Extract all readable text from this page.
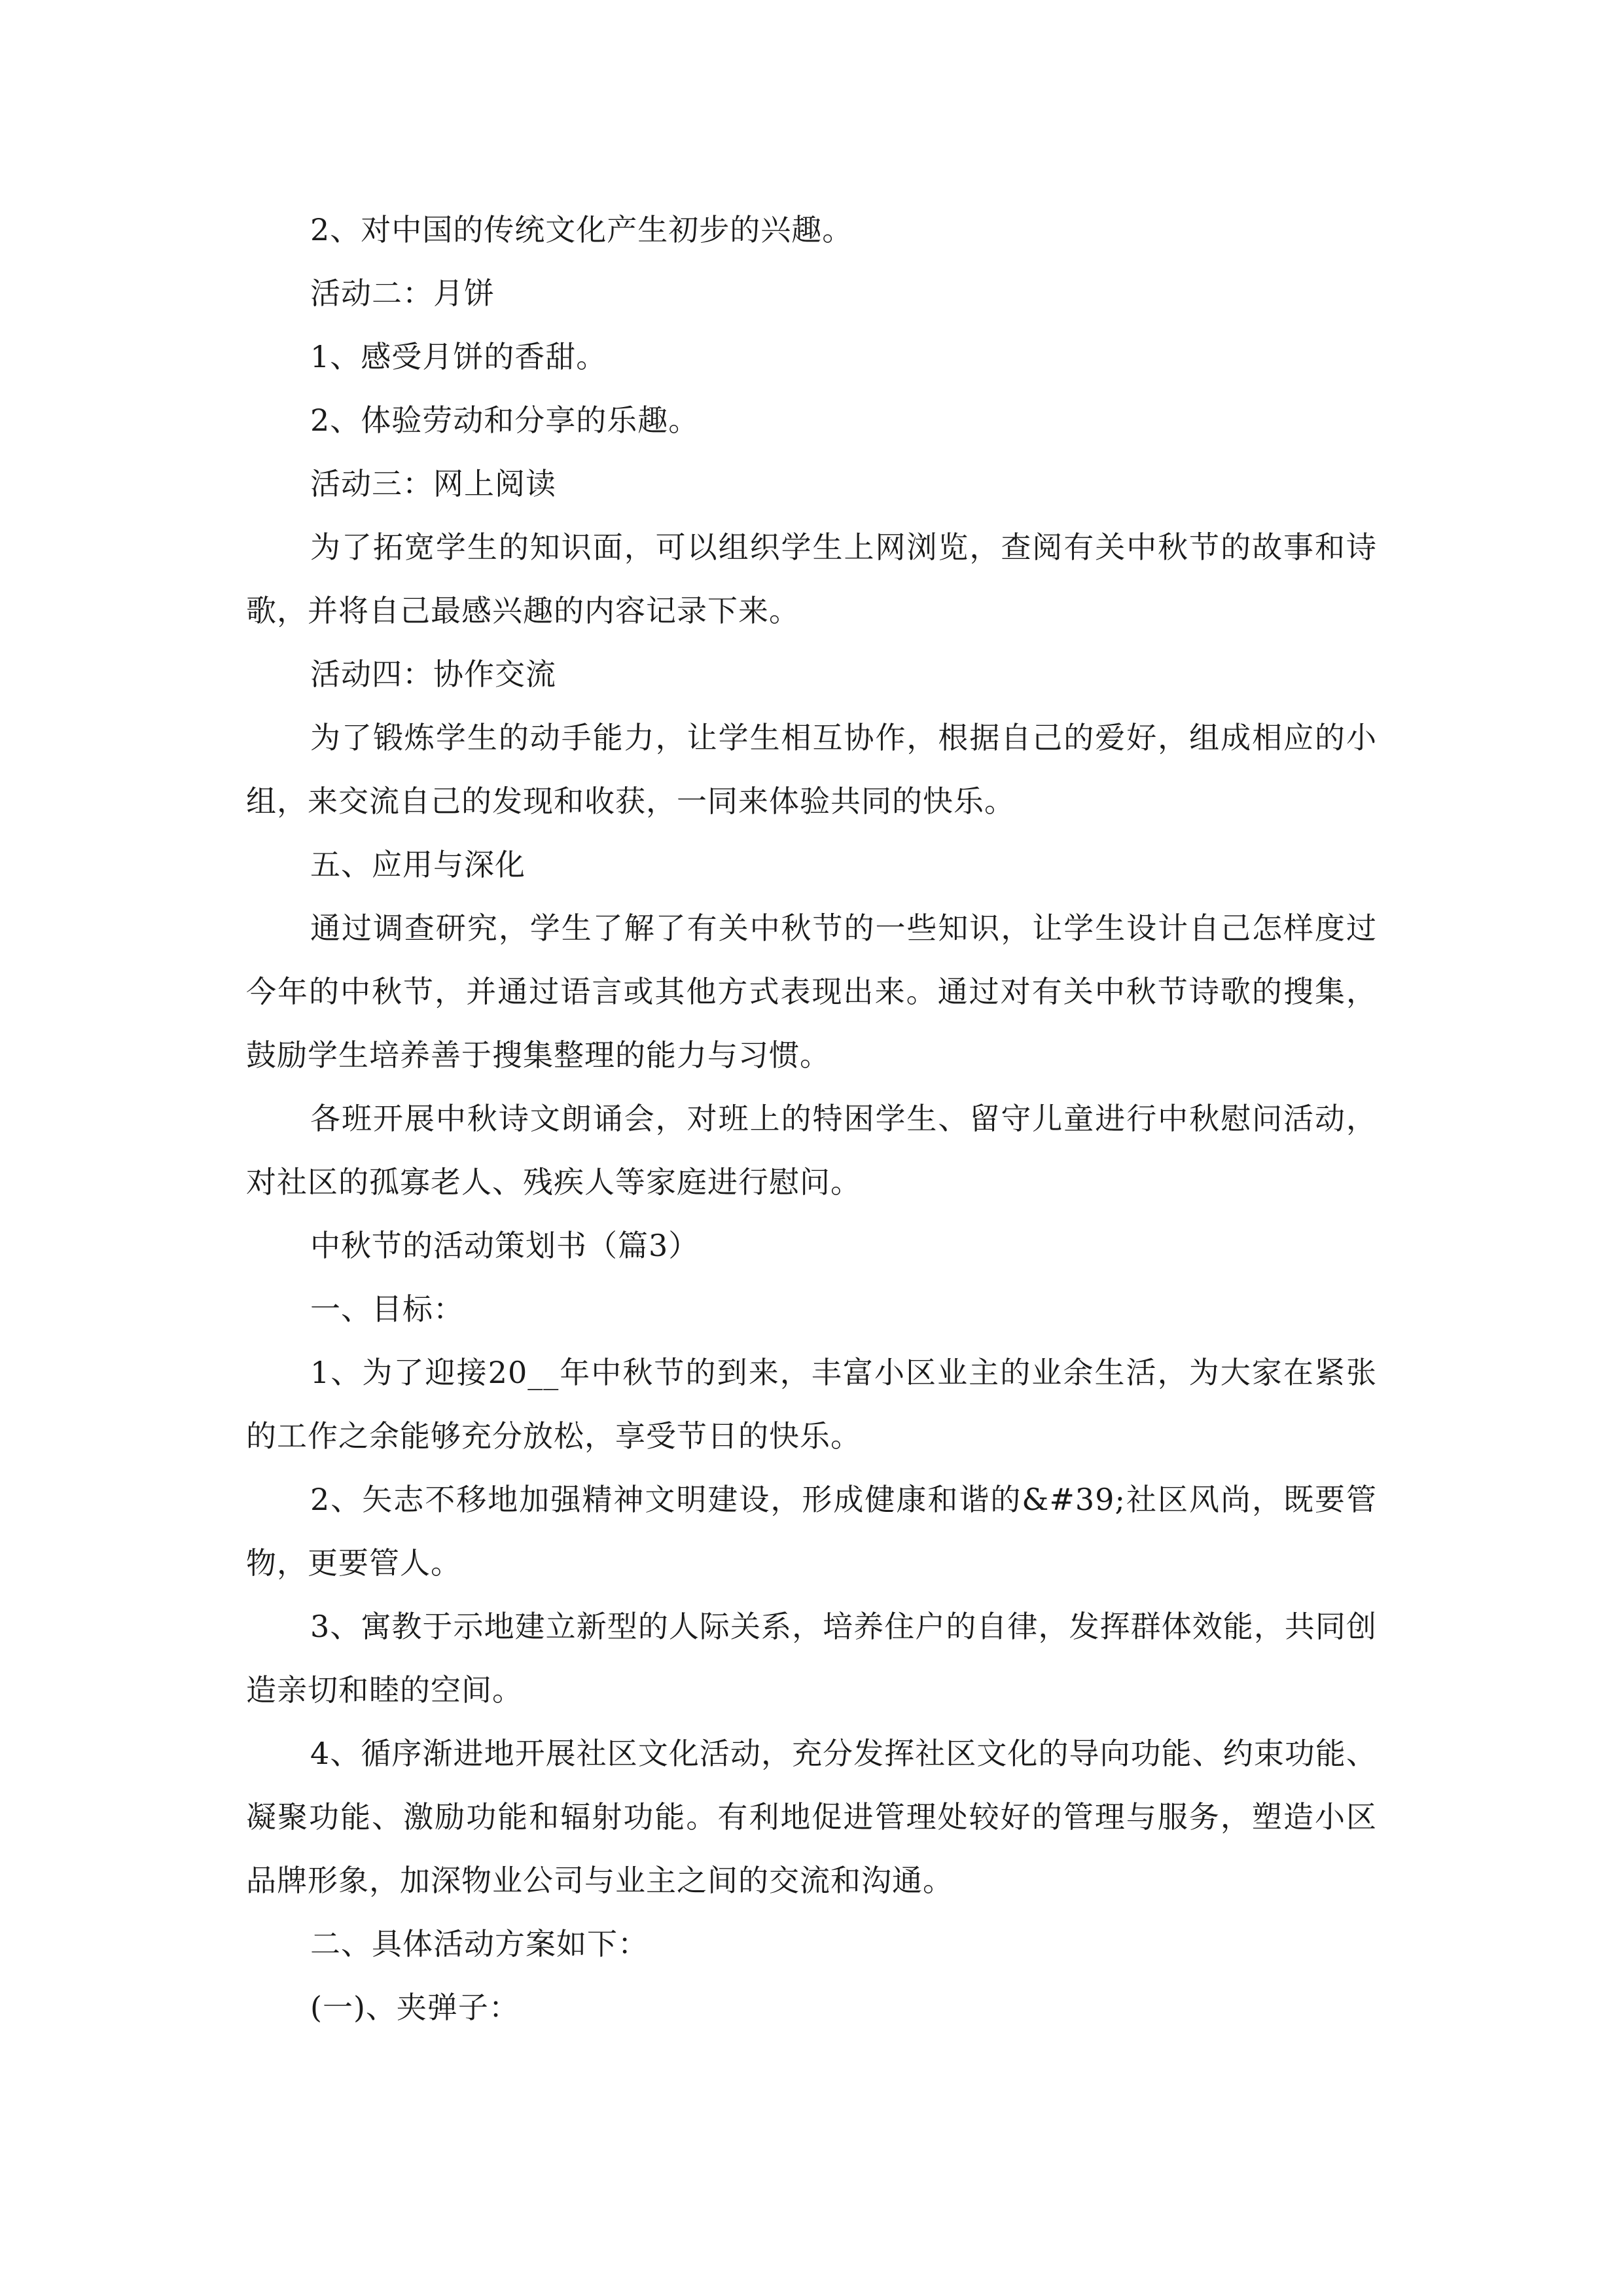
2、对中国的传统文化产生初步的兴趣。

活动二：月饼

1、感受月饼的香甜。

2、体验劳动和分享的乐趣。

活动三：网上阅读

为了拓宽学生的知识面，可以组织学生上网浏览，查阅有关中秋节的故事和诗歌，并将自己最感兴趣的内容记录下来。

活动四：协作交流

为了锻炼学生的动手能力，让学生相互协作，根据自己的爱好，组成相应的小组，来交流自己的发现和收获，一同来体验共同的快乐。

五、应用与深化

通过调查研究，学生了解了有关中秋节的一些知识，让学生设计自己怎样度过今年的中秋节，并通过语言或其他方式表现出来。通过对有关中秋节诗歌的搜集，鼓励学生培养善于搜集整理的能力与习惯。

各班开展中秋诗文朗诵会，对班上的特困学生、留守儿童进行中秋慰问活动，对社区的孤寡老人、残疾人等家庭进行慰问。

中秋节的活动策划书（篇3）

一、目标：

1、为了迎接20__年中秋节的到来，丰富小区业主的业余生活，为大家在紧张的工作之余能够充分放松，享受节日的快乐。

2、矢志不移地加强精神文明建设，形成健康和谐的&#39;社区风尚，既要管物，更要管人。

3、寓教于示地建立新型的人际关系，培养住户的自律，发挥群体效能，共同创造亲切和睦的空间。

4、循序渐进地开展社区文化活动，充分发挥社区文化的导向功能、约束功能、凝聚功能、激励功能和辐射功能。有利地促进管理处较好的管理与服务，塑造小区品牌形象，加深物业公司与业主之间的交流和沟通。

二、具体活动方案如下：

(一)、夹弹子：
